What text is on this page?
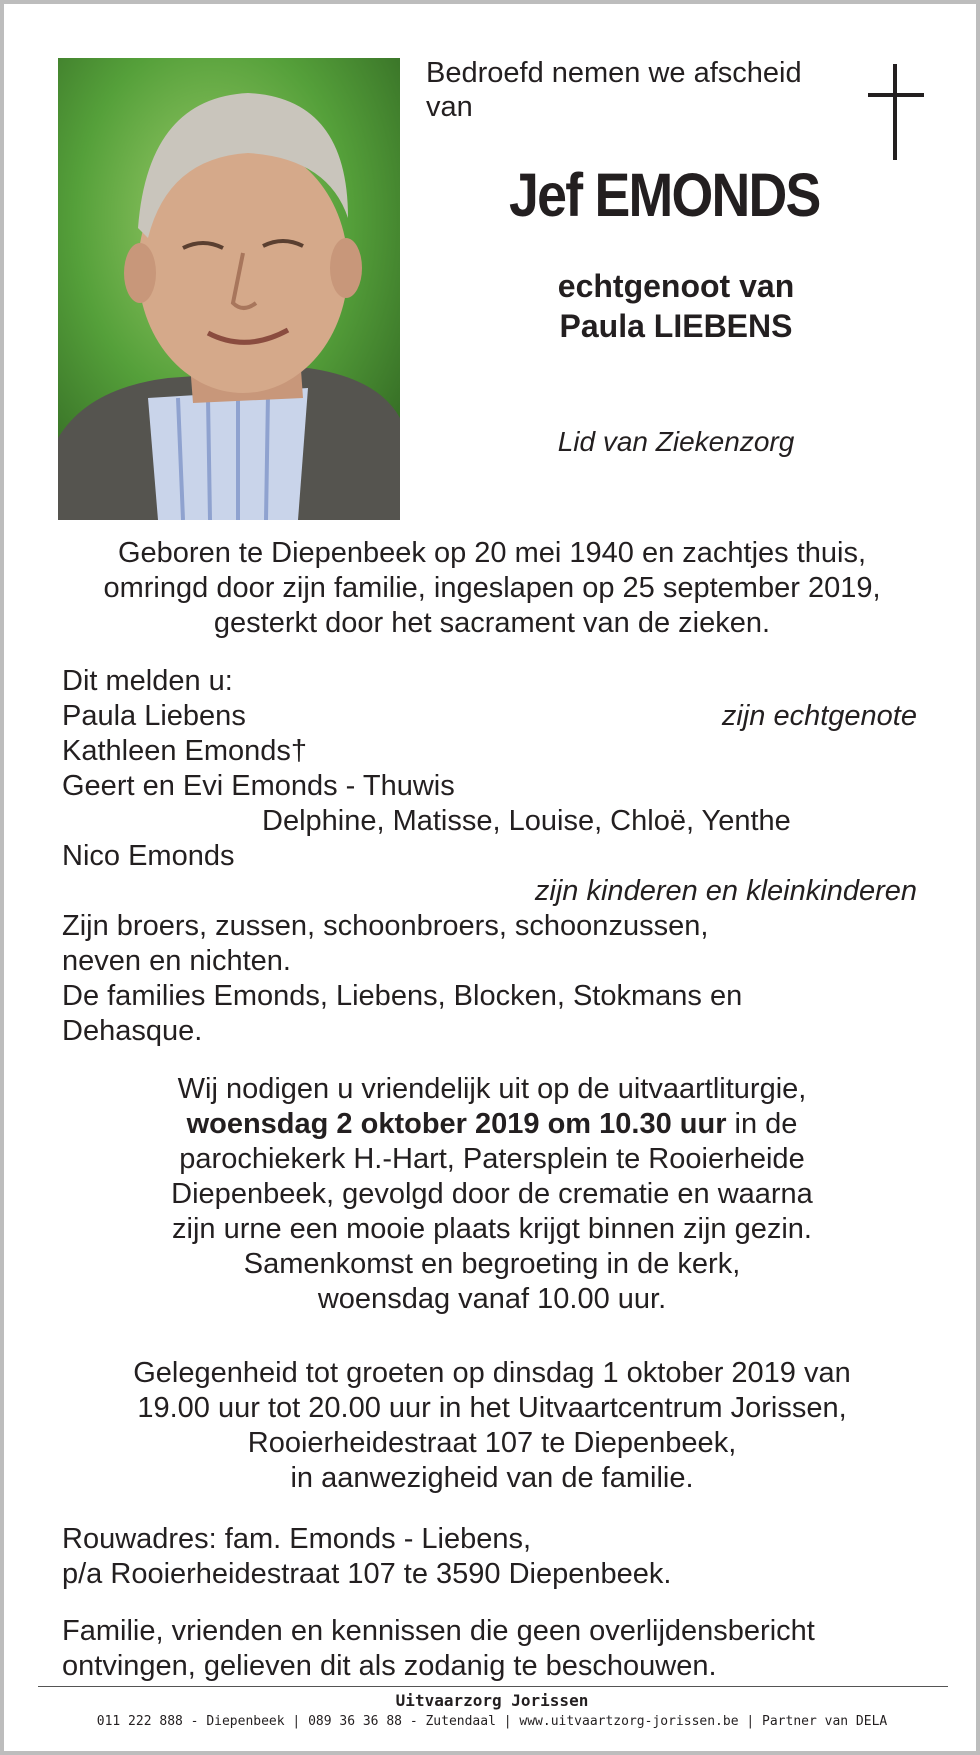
Bedroefd nemen we afscheid van
Jef EMONDS
echtgenoot van
Paula LIEBENS
Lid van Ziekenzorg
Geboren te Diepenbeek op 20 mei 1940 en zachtjes thuis,
omringd door zijn familie, ingeslapen op 25 september 2019,
gesterkt door het sacrament van de zieken.
Dit melden u:
Paula Liebens	zijn echtgenote
Kathleen Emonds†
Geert en Evi Emonds - Thuwis
Delphine, Matisse, Louise, Chloë, Yenthe
Nico Emonds
zijn kinderen en kleinkinderen
Zijn broers, zussen, schoonbroers, schoonzussen,
neven en nichten.
De families Emonds, Liebens, Blocken, Stokmans en
Dehasque.
Wij nodigen u vriendelijk uit op de uitvaartliturgie,
woensdag 2 oktober 2019 om 10.30 uur in de
parochiekerk H.-Hart, Patersplein te Rooierheide
Diepenbeek, gevolgd door de crematie en waarna
zijn urne een mooie plaats krijgt binnen zijn gezin.
Samenkomst en begroeting in de kerk,
woensdag vanaf 10.00 uur.
Gelegenheid tot groeten op dinsdag 1 oktober 2019 van
19.00 uur tot 20.00 uur in het Uitvaartcentrum Jorissen,
Rooierheidestraat 107 te Diepenbeek,
in aanwezigheid van de familie.
Rouwadres: fam. Emonds - Liebens,
p/a Rooierheidestraat 107 te 3590 Diepenbeek.
Familie, vrienden en kennissen die geen overlijdensbericht
ontvingen, gelieven dit als zodanig te beschouwen.
Uitvaarzorg Jorissen
011 222 888 - Diepenbeek | 089 36 36 88 - Zutendaal | www.uitvaartzorg-jorissen.be | Partner van DELA
